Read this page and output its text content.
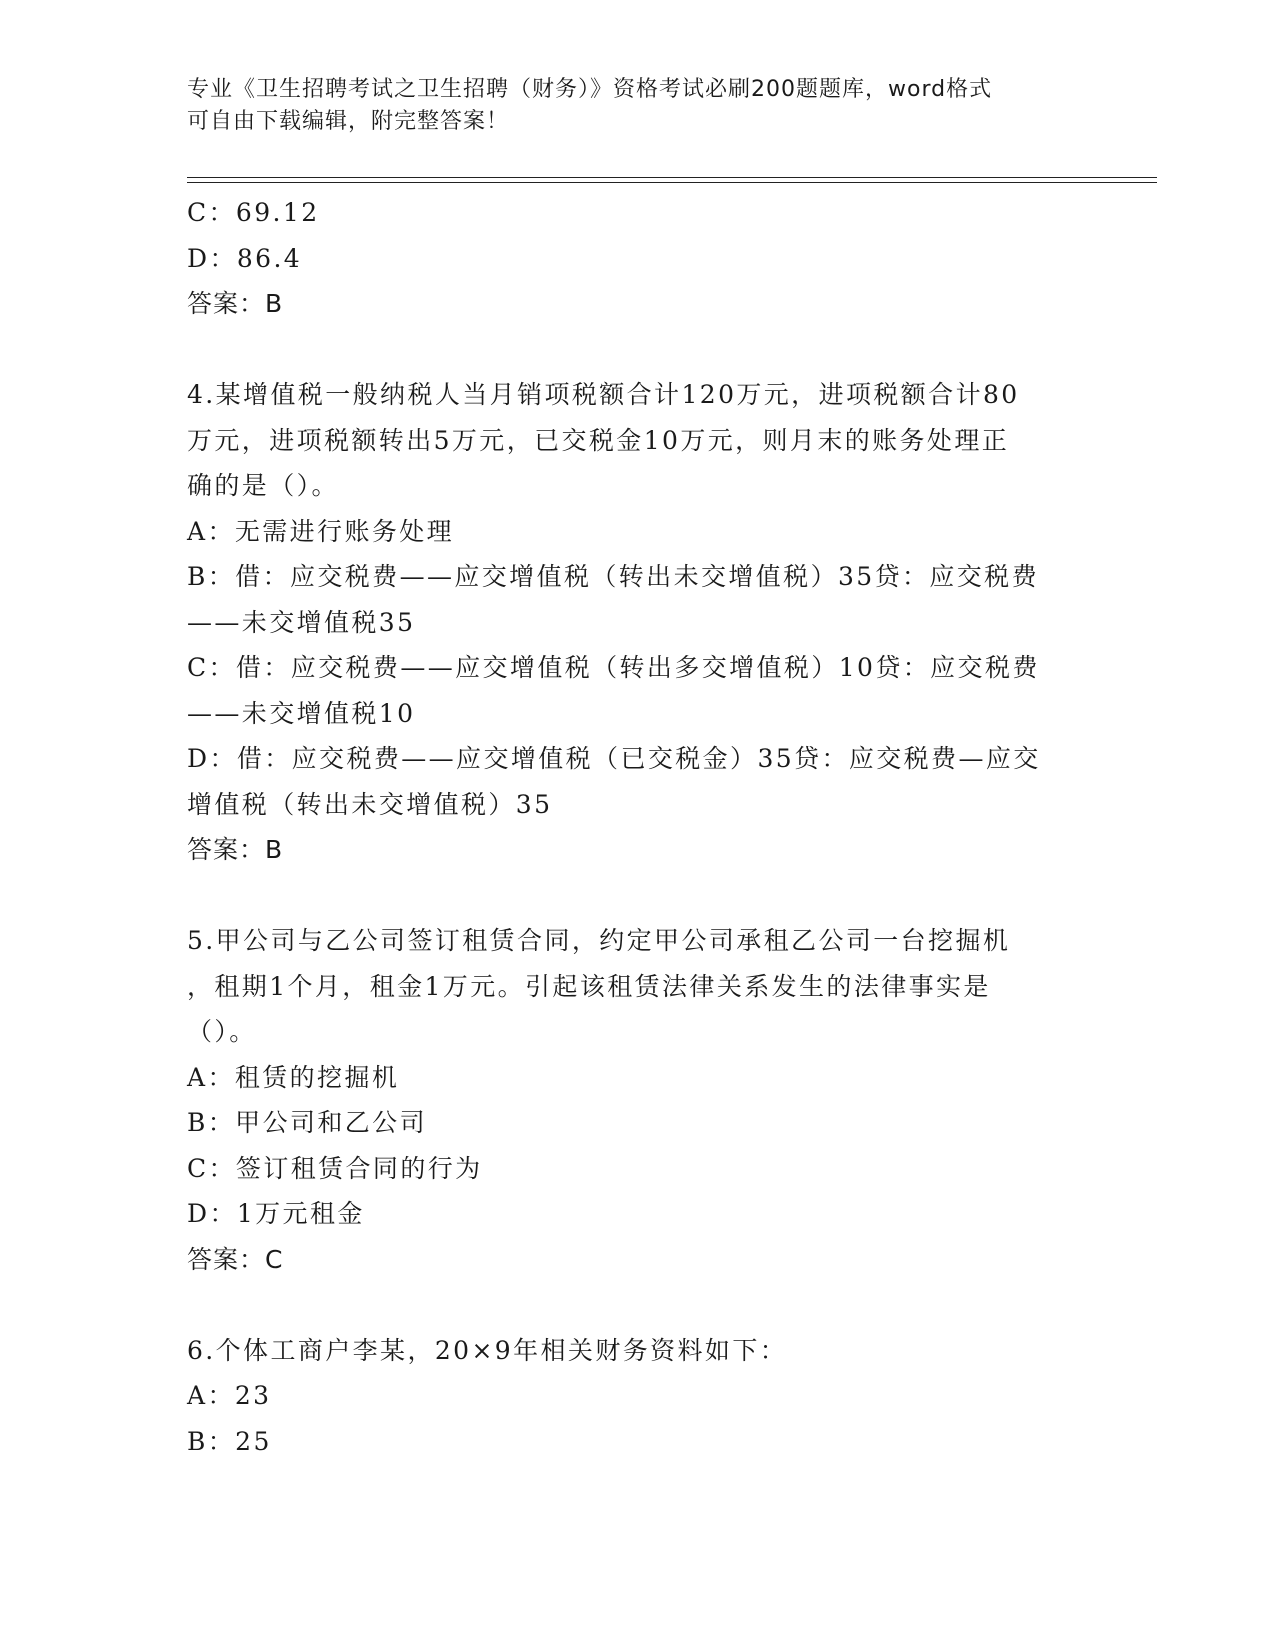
专业《卫生招聘考试之卫生招聘（财务）》资格考试必刷200题题库，word格式
可自由下载编辑，附完整答案！
C：69.12
D：86.4
答案：B
4.某增值税一般纳税人当月销项税额合计120万元，进项税额合计80
万元，进项税额转出5万元，已交税金10万元，则月末的账务处理正
确的是（）。
A：无需进行账务处理
B：借：应交税费——应交增值税（转出未交增值税）35贷：应交税费
——未交增值税35
C：借：应交税费——应交增值税（转出多交增值税）10贷：应交税费
——未交增值税10
D：借：应交税费——应交增值税（已交税金）35贷：应交税费—应交
增值税（转出未交增值税）35
答案：B
5.甲公司与乙公司签订租赁合同，约定甲公司承租乙公司一台挖掘机
，租期1个月，租金1万元。引起该租赁法律关系发生的法律事实是
（）。
A：租赁的挖掘机
B：甲公司和乙公司
C：签订租赁合同的行为
D：1万元租金
答案：C
6.个体工商户李某，20×9年相关财务资料如下：
A：23
B：25
